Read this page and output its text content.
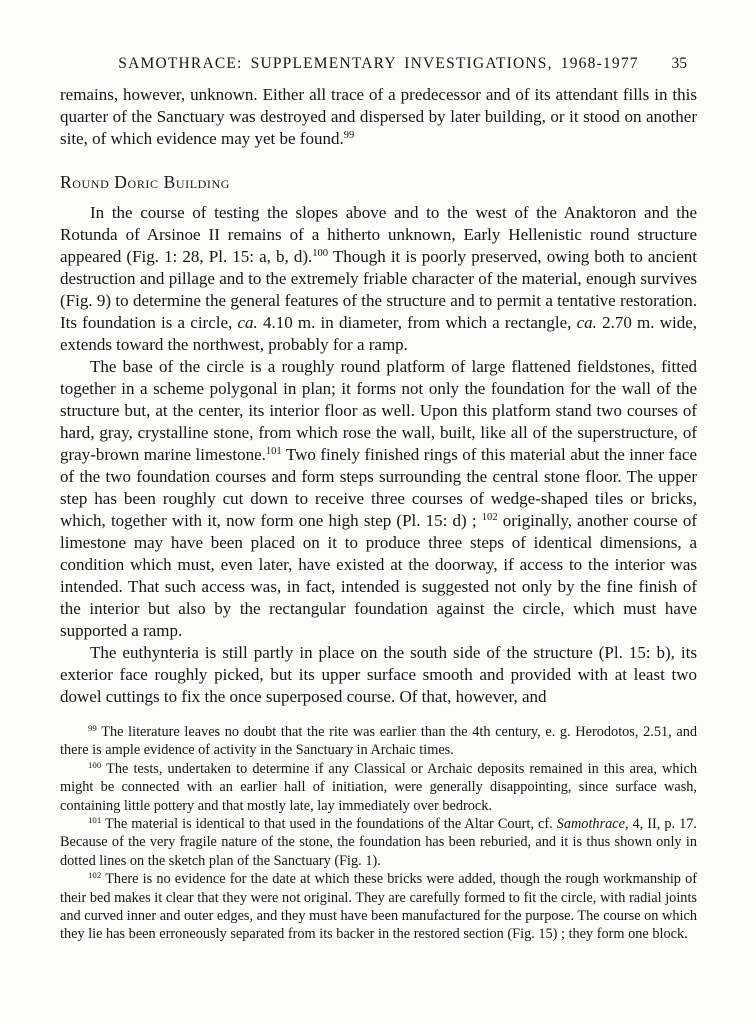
SAMOTHRACE: SUPPLEMENTARY INVESTIGATIONS, 1968-1977	35

remains, however, unknown. Either all trace of a predecessor and of its attendant fills in this quarter of the Sanctuary was destroyed and dispersed by later building, or it stood on another site, of which evidence may yet be found.$^{99}$

Round Doric Building

In the course of testing the slopes above and to the west of the Anaktoron and the Rotunda of Arsinoe II remains of a hitherto unknown, Early Hellenistic round structure appeared (Fig. 1: 28, Pl. 15: a, b, d).$^{100}$ Though it is poorly preserved, owing both to ancient destruction and pillage and to the extremely friable character of the material, enough survives (Fig. 9) to determine the general features of the structure and to permit a tentative restoration. Its foundation is a circle, ca. 4.10 m. in diameter, from which a rectangle, ca. 2.70 m. wide, extends toward the northwest, probably for a ramp.

The base of the circle is a roughly round platform of large flattened fieldstones, fitted together in a scheme polygonal in plan; it forms not only the foundation for the wall of the structure but, at the center, its interior floor as well. Upon this platform stand two courses of hard, gray, crystalline stone, from which rose the wall, built, like all of the superstructure, of gray-brown marine limestone.$^{101}$ Two finely finished rings of this material abut the inner face of the two foundation courses and form steps surrounding the central stone floor. The upper step has been roughly cut down to receive three courses of wedge-shaped tiles or bricks, which, together with it, now form one high step (Pl. 15: d) ; $^{102}$ originally, another course of limestone may have been placed on it to produce three steps of identical dimensions, a condition which must, even later, have existed at the doorway, if access to the interior was intended. That such access was, in fact, intended is suggested not only by the fine finish of the interior but also by the rectangular foundation against the circle, which must have supported a ramp.

The euthynteria is still partly in place on the south side of the structure (Pl. 15: b), its exterior face roughly picked, but its upper surface smooth and provided with at least two dowel cuttings to fix the once superposed course. Of that, however, and

$^{99}$ The literature leaves no doubt that the rite was earlier than the 4th century, e. g. Herodotos, 2.51, and there is ample evidence of activity in the Sanctuary in Archaic times.

$^{100}$ The tests, undertaken to determine if any Classical or Archaic deposits remained in this area, which might be connected with an earlier hall of initiation, were generally disappointing, since surface wash, containing little pottery and that mostly late, lay immediately over bedrock.

$^{101}$ The material is identical to that used in the foundations of the Altar Court, cf. Samothrace, 4, II, p. 17. Because of the very fragile nature of the stone, the foundation has been reburied, and it is thus shown only in dotted lines on the sketch plan of the Sanctuary (Fig. 1).

$^{102}$ There is no evidence for the date at which these bricks were added, though the rough workmanship of their bed makes it clear that they were not original. They are carefully formed to fit the circle, with radial joints and curved inner and outer edges, and they must have been manufactured for the purpose. The course on which they lie has been erroneously separated from its backer in the restored section (Fig. 15) ; they form one block.
